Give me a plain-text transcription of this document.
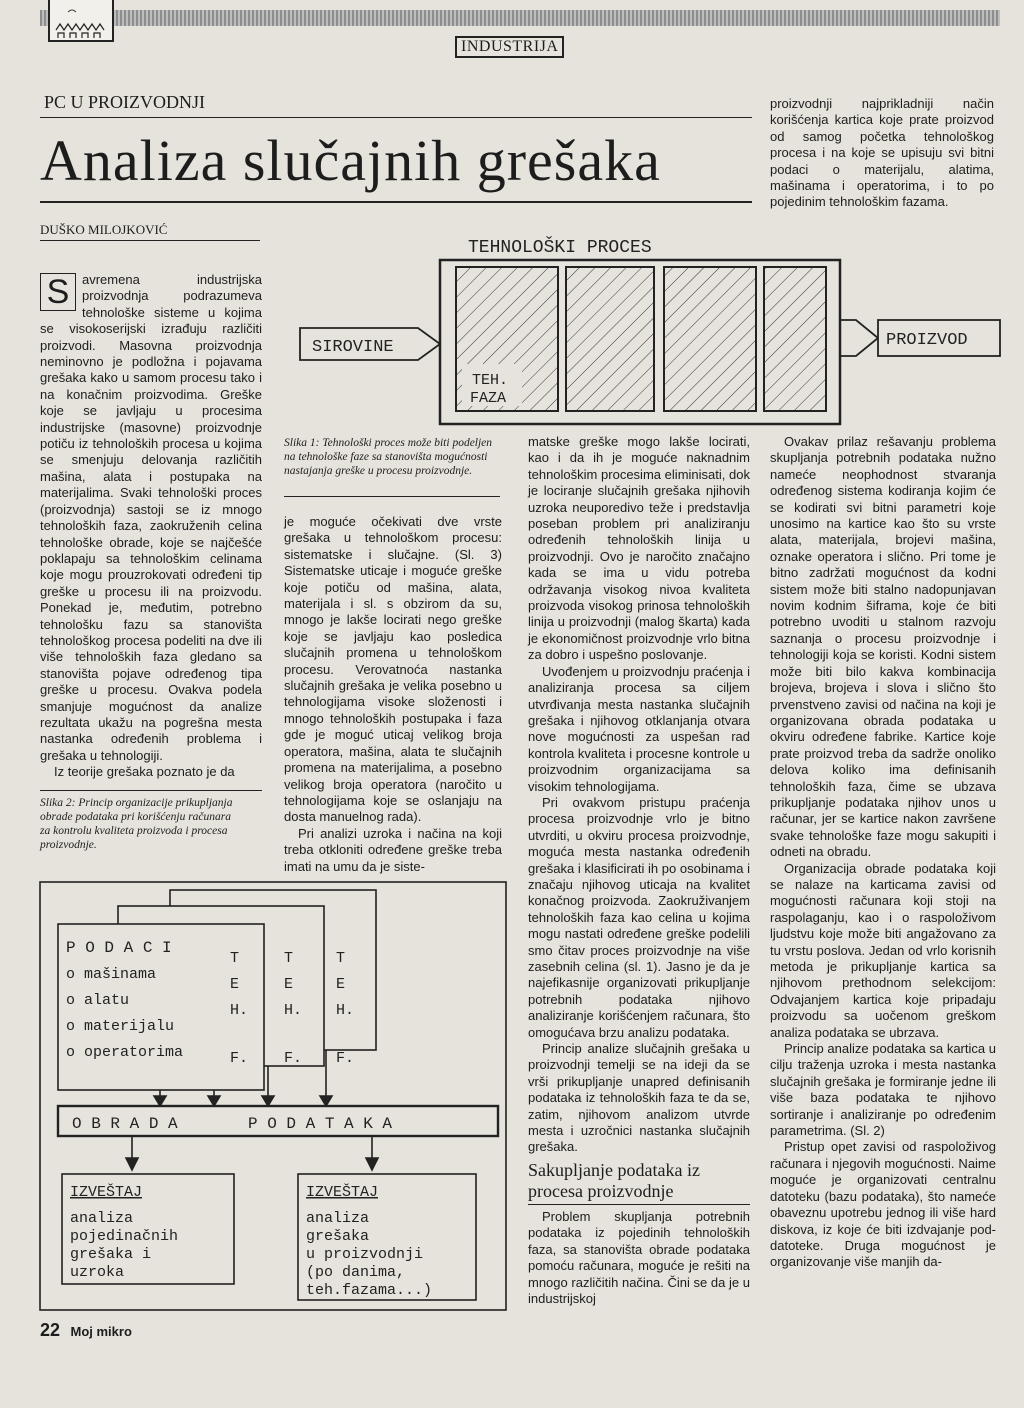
INDUSTRIJA
PC U PROIZVODNJI
Analiza slučajnih grešaka
DUŠKO MILOJKOVIĆ
proizvodnji najprikladniji način korišćenja kartica koje prate proizvod od samog početka tehnološkog procesa i na koje se upisuju svi bitni podaci o materijalu, alatima, mašinama i operatorima, i to po pojedinim tehnološkim fazama.
TEHNOLOŠKI PROCES
TEH.
FAZA
SIROVINE	PROIZVOD
Slika 1: Tehnološki proces može biti podeljen na tehnološke faze sa stanovišta mogućnosti nastajanja greške u procesu proizvodnje.
S avremena industrijska proizvodnja podrazumeva tehnološke sisteme u kojima se visokoserijski izrađuju različiti proizvodi. Masovna proizvodnja neminovno je podložna i pojavama grešaka kako u samom procesu tako i na konačnim proizvodima. Greške koje se javljaju u procesima industrijske (masovne) proizvodnje potiču iz tehnoloških procesa u kojima se smenjuju delovanja različitih mašina, alata i postupaka na materijalima. Svaki tehnološki proces (proizvodnja) sastoji se iz mnogo tehnoloških faza, zaokruženih celina tehnološke obrade, koje se najčešće poklapaju sa tehnološkim celinama koje mogu prouzrokovati određeni tip greške u procesu ili na proizvodu. Ponekad je, međutim, potrebno tehnološku fazu sa stanovišta tehnološkog procesa podeliti na dve ili više tehnoloških faza gledano sa stanovišta pojave određenog tipa greške u procesu. Ovakva podela smanjuje mogućnost da analize rezultata ukažu na pogrešna mesta nastanka određenih problema i grešaka u tehnologiji.

Iz teorije grešaka poznato je da

Slika 2: Princip organizacije prikupljanja obrade podataka pri korišćenju računara za kontrolu kvaliteta proizvoda i procesa proizvodnje.

je moguće očekivati dve vrste grešaka u tehnološkom procesu: sistematske i slučajne. (Sl. 3) Sistematske uticaje i moguće greške koje potiču od mašina, alata, materijala i sl. s obzirom da su, mnogo je lakše locirati nego greške koje se javljaju kao posledica slučajnih promena u tehnološkom procesu. Verovatnoća nastanka slučajnih grešaka je velika posebno u tehnologijama visoke složenosti i mnogo tehnoloških postupaka i faza gde je moguć uticaj velikog broja operatora, mašina, alata te slučajnih promena na materijalima, a posebno velikog broja operatora (naročito u tehnologijama koje se oslanjaju na dosta manuelnog rada).

Pri analizi uzroka i načina na koji treba otkloniti određene greške treba imati na umu da je siste-

matske greške mogo lakše locirati, kao i da ih je moguće naknadnim tehnološkim procesima eliminisati, dok je lociranje slučajnih grešaka njihovih uzroka neuporedivo teže i predstavlja poseban problem pri analiziranju određenih tehnoloških linija u proizvodnji. Ovo je naročito značajno kada se ima u vidu potreba održavanja visokog nivoa kvaliteta proizvoda visokog prinosa tehnoloških linija u proizvodnji (malog škarta) kada je ekonomičnost proizvodnje vrlo bitna za dobro i uspešno poslovanje.

Uvođenjem u proizvodnju praćenja i analiziranja procesa sa ciljem utvrđivanja mesta nastanka slučajnih grešaka i njihovog otklanjanja otvara nove mogućnosti za uspešan rad kontrola kvaliteta i procesne kontrole u proizvodnim organizacijama sa visokim tehnologijama.

Pri ovakvom pristupu praćenja procesa proizvodnje vrlo je bitno utvrditi, u okviru procesa proizvodnje, moguća mesta nastanka određenih grešaka i klasificirati ih po osobinama i značaju njihovog uticaja na kvalitet konačnog proizvoda. Zaokruživanjem tehnoloških faza kao celina u kojima mogu nastati određene greške podelili smo čitav proces proizvodnje na više zasebnih celina (sl. 1). Jasno je da je najefikasnije organizovati prikupljanje potrebnih podataka njihovo analiziranje korišćenjem računara, što omogućava brzu analizu podataka.

Princip analize slučajnih grešaka u proizvodnji temelji se na ideji da se vrši prikupljanje unapred definisanih podataka iz tehnoloških faza te da se, zatim, njihovom analizom utvrde mesta i uzročnici nastanka slučajnih grešaka.

Sakupljanje podataka iz procesa proizvodnje

Problem skupljanja potrebnih podataka iz pojedinih tehnoloških faza, sa stanovišta obrade podataka pomoću računara, moguće je rešiti na mnogo različitih načina. Čini se da je u industrijskoj

Ovakav prilaz rešavanju problema skupljanja potrebnih podataka nužno nameće neophodnost stvaranja određenog sistema kodiranja kojim će se kodirati svi bitni parametri koje unosimo na kartice kao što su vrste alata, materijala, brojevi mašina, oznake operatora i slično. Pri tome je bitno zadržati mogućnost da kodni sistem može biti stalno nadopunjavan novim kodnim šiframa, koje će biti potrebno uvoditi u stalnom razvoju saznanja o procesu proizvodnje i tehnologiji koja se koristi. Kodni sistem može biti bilo kakva kombinacija brojeva, brojeva i slova i slično što prvenstveno zavisi od načina na koji je organizovana obrada podataka u okviru određene fabrike. Kartice koje prate proizvod treba da sadrže onoliko delova koliko ima definisanih tehnoloških faza, čime se ubzava prikupljanje podataka njihov unos u računar, jer se kartice nakon završene svake tehnološke faze mogu sakupiti i odneti na obradu.

Organizacija obrade podataka koji se nalaze na karticama zavisi od mogućnosti računara koji stoji na raspolaganju, kao i o raspoloživom ljudstvu koje može biti angažovano za tu vrstu poslova. Jedan od vrlo korisnih metoda je prikupljanje kartica sa njihovom prethodnom selekcijom: Odvajanjem kartica koje pripadaju proizvodu sa uočenom greškom analiza podataka se ubrzava.

Princip analize podataka sa kartica u cilju traženja uzroka i mesta nastanka slučajnih grešaka je formiranje jedne ili više baza podataka te njihovo sortiranje i analiziranje po određenim parametrima. (Sl. 2)

Pristup opet zavisi od raspoloživog računara i njegovih mogućnosti. Naime moguće je organizovati centralnu datoteku (bazu podataka), što nameće obaveznu upotrebu jednog ili više hard diskova, iz koje će biti izdvajanje pod-datoteke. Druga mogućnost je organizovanje više manjih da-

P O D A C I
o mašinama
o alatu
o materijalu
o operatorima
T
E
H.
F.
T
E
H.
F.
T
E
H.
F.
O B R A D A	P O D A T A K A
IZVEŠTAJ
analiza
pojedinačnih
grešaka i
uzroka
IZVEŠTAJ
analiza
grešaka
u proizvodnji
(po danima,
teh.fazama...)
22 Moj mikro
